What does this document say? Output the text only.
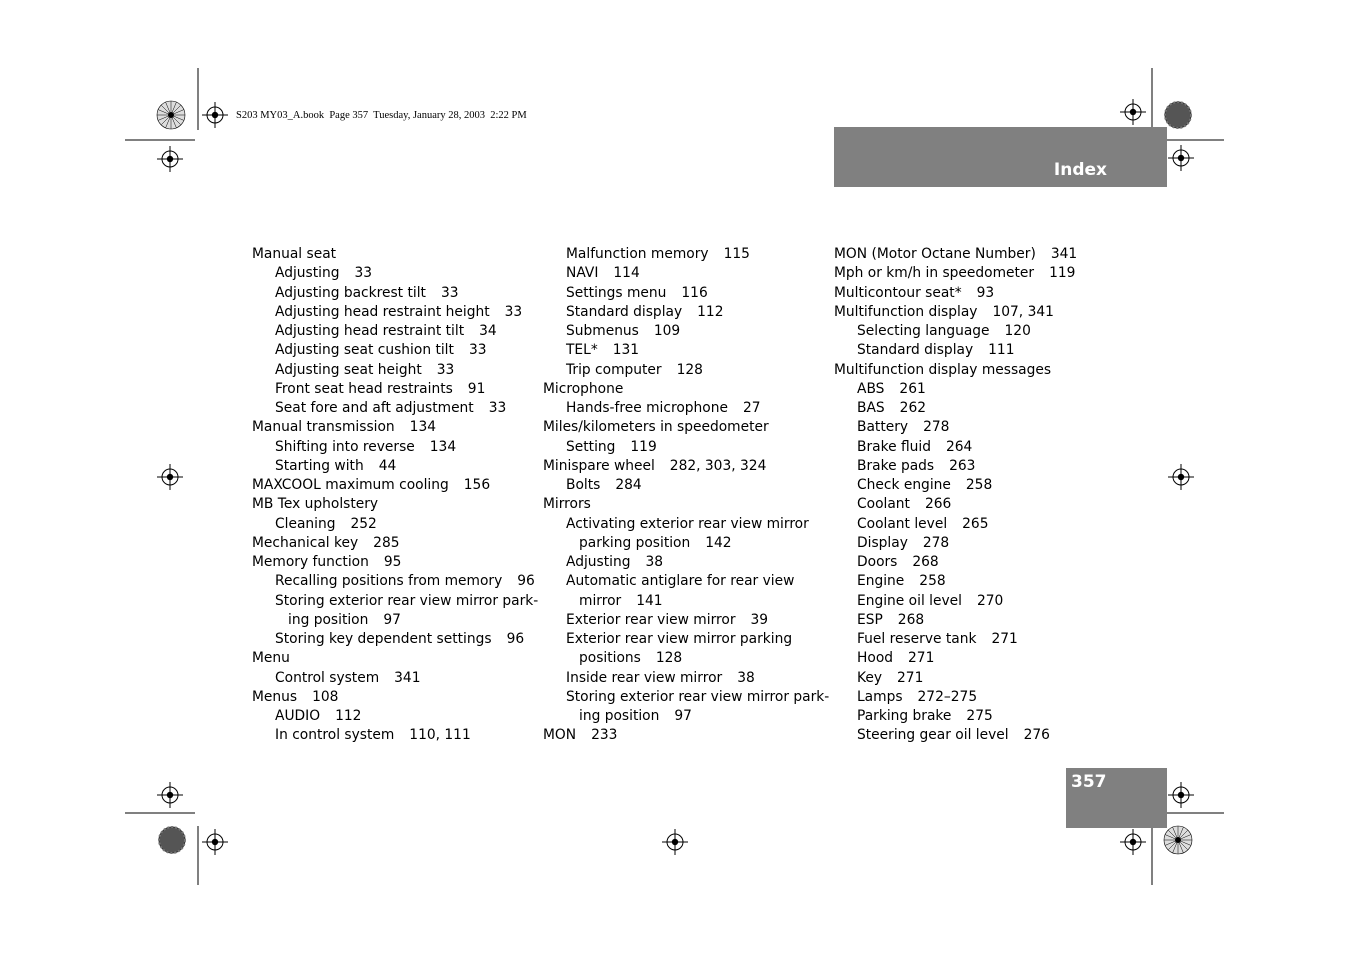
S203 MY03_A.book  Page 357  Tuesday, January 28, 2003  2:22 PM
Index
Manual seat
Adjusting 33
Adjusting backrest tilt 33
Adjusting head restraint height 33
Adjusting head restraint tilt 34
Adjusting seat cushion tilt 33
Adjusting seat height 33
Front seat head restraints 91
Seat fore and aft adjustment 33
Manual transmission 134
Shifting into reverse 134
Starting with 44
MAXCOOL maximum cooling 156
MB Tex upholstery
Cleaning 252
Mechanical key 285
Memory function 95
Recalling positions from memory 96
Storing exterior rear view mirror park-
ing position 97
Storing key dependent settings 96
Menu
Control system 341
Menus 108
AUDIO 112
In control system 110, 111
Malfunction memory 115
NAVI 114
Settings menu 116
Standard display 112
Submenus 109
TEL* 131
Trip computer 128
Microphone
Hands-free microphone 27
Miles/kilometers in speedometer
Setting 119
Minispare wheel 282, 303, 324
Bolts 284
Mirrors
Activating exterior rear view mirror
parking position 142
Adjusting 38
Automatic antiglare for rear view
mirror 141
Exterior rear view mirror 39
Exterior rear view mirror parking
positions 128
Inside rear view mirror 38
Storing exterior rear view mirror park-
ing position 97
MON 233
MON (Motor Octane Number) 341
Mph or km/h in speedometer 119
Multicontour seat* 93
Multifunction display 107, 341
Selecting language 120
Standard display 111
Multifunction display messages
ABS 261
BAS 262
Battery 278
Brake fluid 264
Brake pads 263
Check engine 258
Coolant 266
Coolant level 265
Display 278
Doors 268
Engine 258
Engine oil level 270
ESP 268
Fuel reserve tank 271
Hood 271
Key 271
Lamps 272–275
Parking brake 275
Steering gear oil level 276
357
